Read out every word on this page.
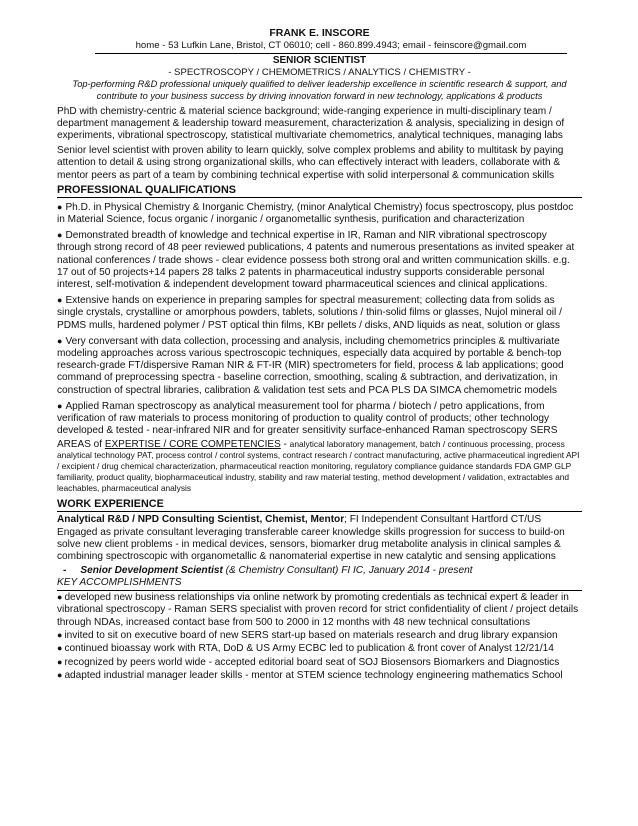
FRANK E. INSCORE
home - 53 Lufkin Lane, Bristol, CT 06010; cell - 860.899.4943; email - feinscore@gmail.com
SENIOR SCIENTIST
- SPECTROSCOPY / CHEMOMETRICS / ANALYTICS / CHEMISTRY -
Top-performing R&D professional uniquely qualified to deliver leadership excellence in scientific research & support, and
contribute to your business success by driving innovation forward in new technology, applications & products
PhD with chemistry-centric & material science background; wide-ranging experience in multi-disciplinary team / department management & leadership toward measurement, characterization & analysis, specializing in design of experiments, vibrational spectroscopy, statistical multivariate chemometrics, analytical techniques, managing labs
Senior level scientist with proven ability to learn quickly, solve complex problems and ability to multitask by paying attention to detail & using strong organizational skills, who can effectively interact with leaders, collaborate with & mentor peers as part of a team by combining technical expertise with solid interpersonal & communication skills
PROFESSIONAL QUALIFICATIONS
● Ph.D. in Physical Chemistry & Inorganic Chemistry, (minor Analytical Chemistry) focus spectroscopy, plus postdoc in Material Science, focus organic / inorganic / organometallic synthesis, purification and characterization
● Demonstrated breadth of knowledge and technical expertise in IR, Raman and NIR vibrational spectroscopy through strong record of 48 peer reviewed publications, 4 patents and numerous presentations as invited speaker at national conferences / trade shows - clear evidence possess both strong oral and written communication skills. e.g. 17 out of 50 projects+14 papers 28 talks 2 patents in pharmaceutical industry supports considerable personal interest, self-motivation & independent development toward pharmaceutical sciences and clinical applications.
● Extensive hands on experience in preparing samples for spectral measurement; collecting data from solids as single crystals, crystalline or amorphous powders, tablets, solutions / thin-solid films or glasses, Nujol mineral oil / PDMS mulls, hardened polymer / PST optical thin films, KBr pellets / disks, AND liquids as neat, solution or glass
● Very conversant with data collection, processing and analysis, including chemometrics principles & multivariate modeling approaches across various spectroscopic techniques, especially data acquired by portable & bench-top research-grade FT/dispersive Raman NIR & FT-IR (MIR) spectrometers for field, process & lab applications; good command of preprocessing spectra - baseline correction, smoothing, scaling & subtraction, and derivatization, in construction of spectral libraries, calibration & validation test sets and PCA PLS DA SIMCA chemometric models
● Applied Raman spectroscopy as analytical measurement tool for pharma / biotech / petro applications, from verification of raw materials to process monitoring of production to quality control of products; other technology developed & tested - near-infrared NIR and for greater sensitivity surface-enhanced Raman spectroscopy SERS
AREAS of EXPERTISE / CORE COMPETENCIES - analytical laboratory management, batch / continuous processing, process analytical technology PAT, process control / control systems, contract research / contract manufacturing, active pharmaceutical ingredient API / excipient / drug chemical characterization, pharmaceutical reaction monitoring, regulatory compliance guidance standards FDA GMP GLP familiarity, product quality, biopharmaceutical industry, stability and raw material testing, method development / validation, extractables and leachables, pharmaceutical analysis
WORK EXPERIENCE
Analytical R&D / NPD Consulting Scientist, Chemist, Mentor; FI Independent Consultant Hartford CT/US
Engaged as private consultant leveraging transferable career knowledge skills progression for success to build-on solve new client problems - in medical devices, sensors, biomarker drug metabolite analysis in clinical samples & combining spectroscopic with organometallic & nanomaterial expertise in new catalytic and sensing applications
- Senior Development Scientist (& Chemistry Consultant) FI IC, January 2014 - present
KEY ACCOMPLISHMENTS
● developed new business relationships via online network by promoting credentials as technical expert & leader in vibrational spectroscopy - Raman SERS specialist with proven record for strict confidentiality of client / project details through NDAs, increased contact base from 500 to 2000 in 12 months with 48 new technical consultations
● invited to sit on executive board of new SERS start-up based on materials research and drug library expansion
● continued bioassay work with RTA, DoD & US Army ECBC led to publication & front cover of Analyst 12/21/14
● recognized by peers world wide - accepted editorial board seat of SOJ Biosensors Biomarkers and Diagnostics
● adapted industrial manager leader skills - mentor at STEM science technology engineering mathematics School
